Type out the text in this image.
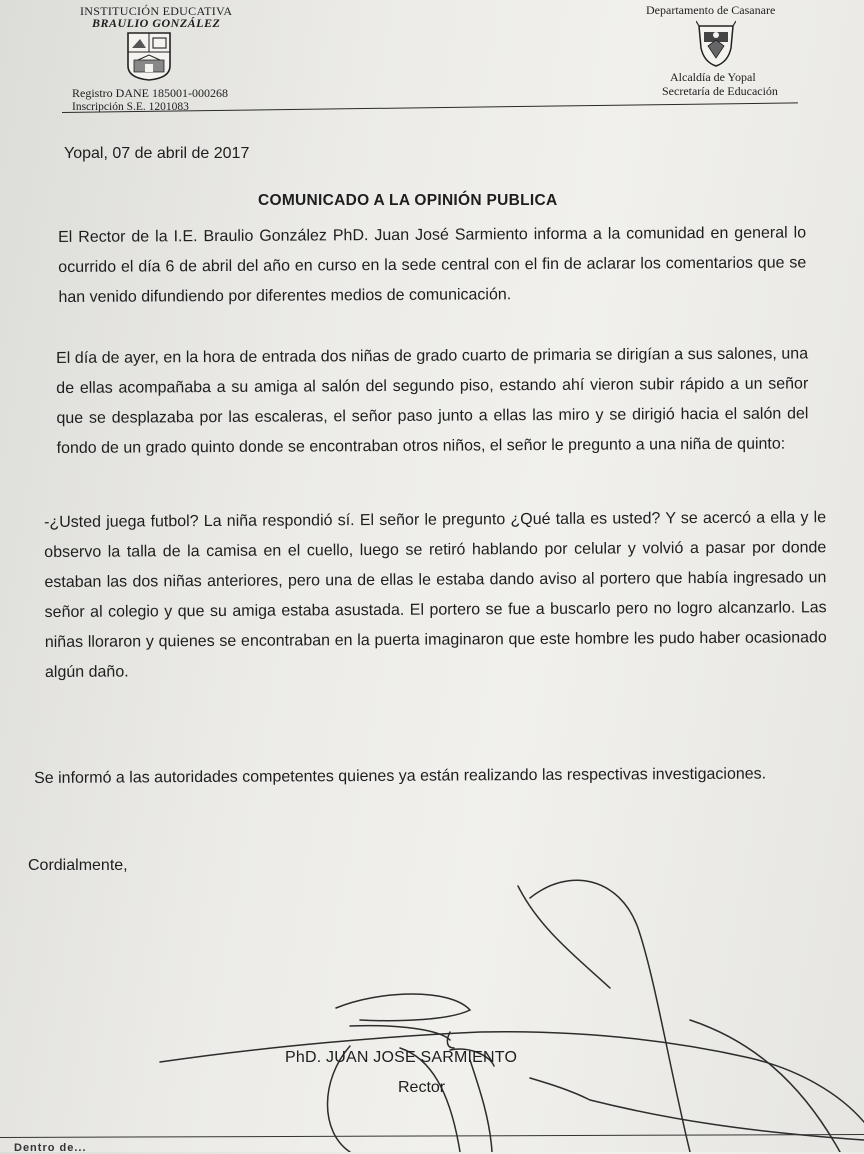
INSTITUCIÓN EDUCATIVA
BRAULIO GONZÁLEZ
Registro DANE 185001-000268
Inscripción S.E. 1201083
Departamento de Casanare
Alcaldía de Yopal
Secretaría de Educación
Yopal, 07 de abril de 2017
COMUNICADO A LA OPINIÓN PUBLICA
El Rector de la I.E. Braulio González PhD. Juan José Sarmiento informa a la comunidad en general lo ocurrido el día 6 de abril del año en curso en la sede central con el fin de aclarar los comentarios que se han venido difundiendo por diferentes medios de comunicación.
El día de ayer, en la hora de entrada dos niñas de grado cuarto de primaria se dirigían a sus salones, una de ellas acompañaba a su amiga al salón del segundo piso, estando ahí vieron subir rápido a un señor que se desplazaba por las escaleras, el señor paso junto a ellas las miro y se dirigió hacia el salón del fondo de un grado quinto donde se encontraban otros niños, el señor le pregunto a una niña de quinto:
-¿Usted juega futbol? La niña respondió sí. El señor le pregunto ¿Qué talla es usted? Y se acercó a ella y le observo la talla de la camisa en el cuello, luego se retiró hablando por celular y volvió a pasar por donde estaban las dos niñas anteriores, pero una de ellas le estaba dando aviso al portero que había ingresado un señor al colegio y que su amiga estaba asustada. El portero se fue a buscarlo pero no logro alcanzarlo. Las niñas lloraron y quienes se encontraban en la puerta imaginaron que este hombre les pudo haber ocasionado algún daño.
Se informó a las autoridades competentes quienes ya están realizando las respectivas investigaciones.
Cordialmente,
PhD. JUAN JOSE SARMIENTO
Rector
Dentro de...
